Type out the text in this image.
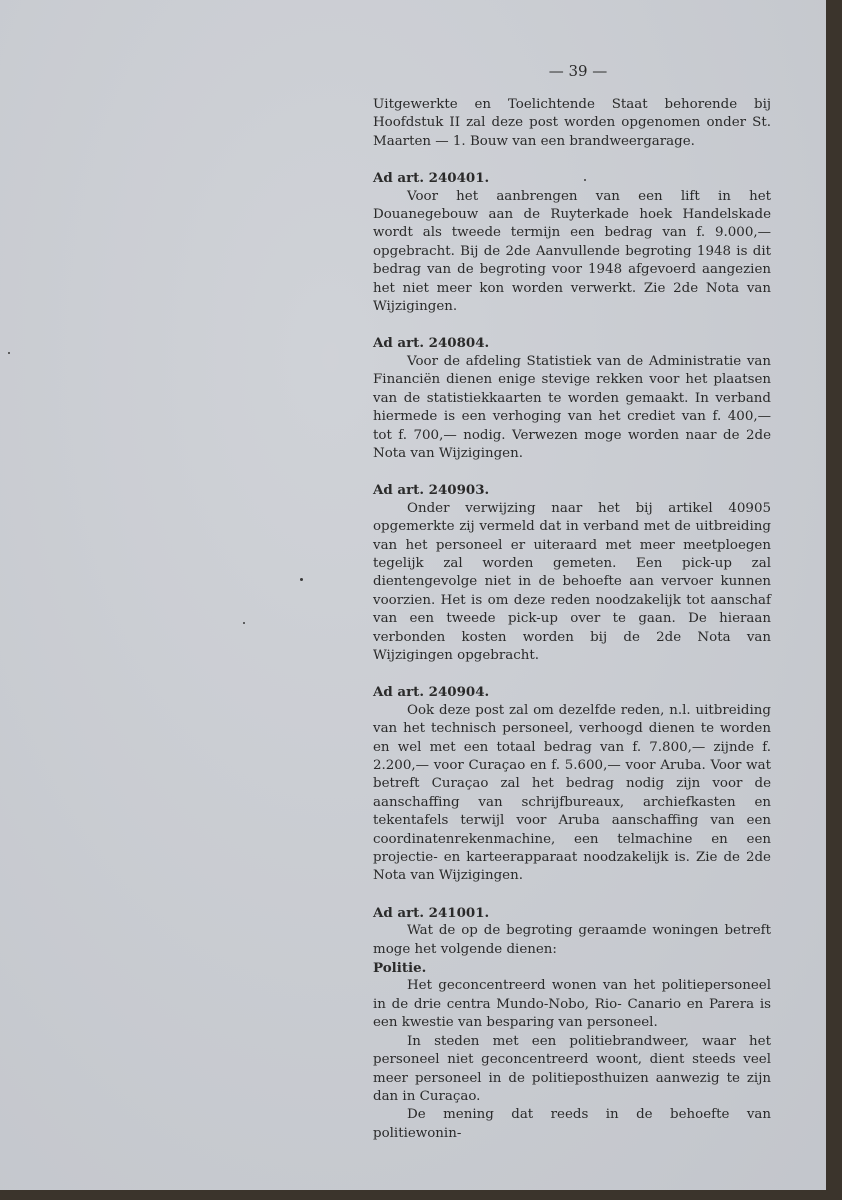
— 39 —

Uitgewerkte en Toelichtende Staat behorende bij Hoofdstuk II zal deze post worden opgenomen onder St. Maarten — 1. Bouw van een brandweergarage.

Ad art. 240401.

Voor het aanbrengen van een lift in het Douanegebouw aan de Ruyterkade hoek Handelskade wordt als tweede termijn een bedrag van f. 9.000,— opgebracht. Bij de 2de Aanvullende begroting 1948 is dit bedrag van de begroting voor 1948 afgevoerd aangezien het niet meer kon worden verwerkt. Zie 2de Nota van Wijzigingen.

Ad art. 240804.

Voor de afdeling Statistiek van de Administratie van Financiën dienen enige stevige rekken voor het plaatsen van de statistiekkaarten te worden gemaakt. In verband hiermede is een verhoging van het crediet van f. 400,— tot f. 700,— nodig. Verwezen moge worden naar de 2de Nota van Wijzigingen.

Ad art. 240903.

Onder verwijzing naar het bij artikel 40905 opgemerkte zij vermeld dat in verband met de uitbreiding van het personeel er uiteraard met meer meetploegen tegelijk zal worden gemeten. Een pick-up zal dientengevolge niet in de behoefte aan vervoer kunnen voorzien. Het is om deze reden noodzakelijk tot aanschaf van een tweede pick-up over te gaan. De hieraan verbonden kosten worden bij de 2de Nota van Wijzigingen opgebracht.

Ad art. 240904.

Ook deze post zal om dezelfde reden, n.l. uitbreiding van het technisch personeel, verhoogd dienen te worden en wel met een totaal bedrag van f. 7.800,— zijnde f. 2.200,— voor Curaçao en f. 5.600,— voor Aruba. Voor wat betreft Curaçao zal het bedrag nodig zijn voor de aanschaffing van schrijfbureaux, archiefkasten en tekentafels terwijl voor Aruba aanschaffing van een coordinatenrekenmachine, een telmachine en een projectie- en karteerapparaat noodzakelijk is. Zie de 2de Nota van Wijzigingen.

Ad art. 241001.

Wat de op de begroting geraamde woningen betreft moge het volgende dienen:

Politie.

Het geconcentreerd wonen van het politiepersoneel in de drie centra Mundo-Nobo, Rio- Canario en Parera is een kwestie van besparing van personeel.

In steden met een politiebrandweer, waar het personeel niet geconcentreerd woont, dient steeds veel meer personeel in de politieposthuizen aanwezig te zijn dan in Curaçao.

De mening dat reeds in de behoefte van politiewonin-
